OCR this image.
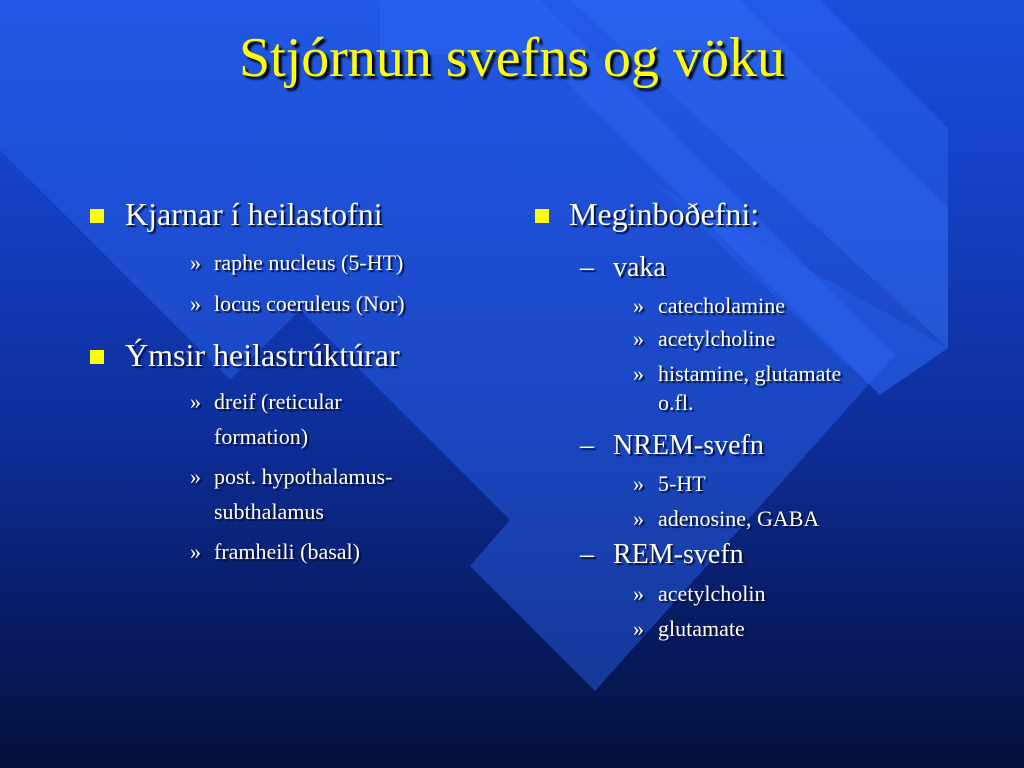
Stjórnun svefns og vöku
Kjarnar í heilastofni
» raphe nucleus (5-HT)
» locus coeruleus (Nor)
Ýmsir heilastrúktúrar
» dreif (reticular
formation)
» post. hypothalamus-
subthalamus
» framheili (basal)
Meginboðefni:
– vaka
» catecholamine
» acetylcholine
» histamine, glutamate
o.fl.
– NREM-svefn
» 5-HT
» adenosine, GABA
– REM-svefn
» acetylcholin
» glutamate
